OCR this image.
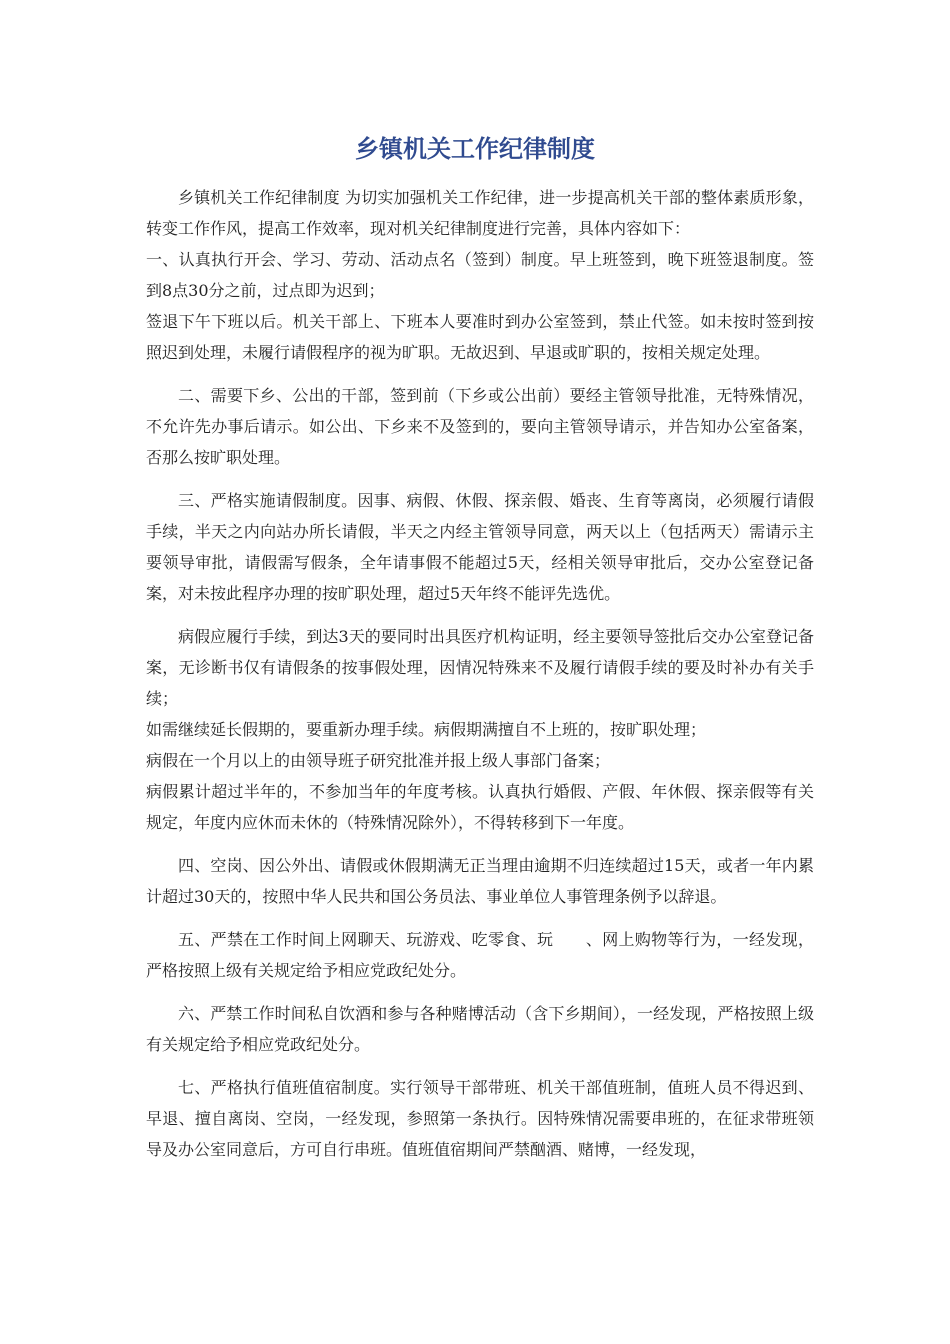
乡镇机关工作纪律制度

乡镇机关工作纪律制度 为切实加强机关工作纪律，进一步提高机关干部的整体素质形象，转变工作作风，提高工作效率，现对机关纪律制度进行完善，具体内容如下：

一、认真执行开会、学习、劳动、活动点名（签到）制度。早上班签到，晚下班签退制度。签到8点30分之前，过点即为迟到；

签退下午下班以后。机关干部上、下班本人要准时到办公室签到，禁止代签。如未按时签到按照迟到处理，未履行请假程序的视为旷职。无故迟到、早退或旷职的，按相关规定处理。

二、需要下乡、公出的干部，签到前（下乡或公出前）要经主管领导批准，无特殊情况，不允许先办事后请示。如公出、下乡来不及签到的，要向主管领导请示，并告知办公室备案，否那么按旷职处理。

三、严格实施请假制度。因事、病假、休假、探亲假、婚丧、生育等离岗，必须履行请假手续，半天之内向站办所长请假，半天之内经主管领导同意，两天以上（包括两天）需请示主要领导审批，请假需写假条，全年请事假不能超过5天，经相关领导审批后，交办公室登记备案，对未按此程序办理的按旷职处理，超过5天年终不能评先选优。

病假应履行手续，到达3天的要同时出具医疗机构证明，经主要领导签批后交办公室登记备案，无诊断书仅有请假条的按事假处理，因情况特殊来不及履行请假手续的要及时补办有关手续；

如需继续延长假期的，要重新办理手续。病假期满擅自不上班的，按旷职处理；

病假在一个月以上的由领导班子研究批准并报上级人事部门备案；

病假累计超过半年的，不参加当年的年度考核。认真执行婚假、产假、年休假、探亲假等有关规定，年度内应休而未休的（特殊情况除外），不得转移到下一年度。

四、空岗、因公外出、请假或休假期满无正当理由逾期不归连续超过15天，或者一年内累计超过30天的，按照中华人民共和国公务员法、事业单位人事管理条例予以辞退。

五、严禁在工作时间上网聊天、玩游戏、吃零食、玩　　、网上购物等行为，一经发现，严格按照上级有关规定给予相应党政纪处分。

六、严禁工作时间私自饮酒和参与各种赌博活动（含下乡期间），一经发现，严格按照上级有关规定给予相应党政纪处分。

七、严格执行值班值宿制度。实行领导干部带班、机关干部值班制，值班人员不得迟到、早退、擅自离岗、空岗，一经发现，参照第一条执行。因特殊情况需要串班的，在征求带班领导及办公室同意后，方可自行串班。值班值宿期间严禁酗酒、赌博，一经发现，
